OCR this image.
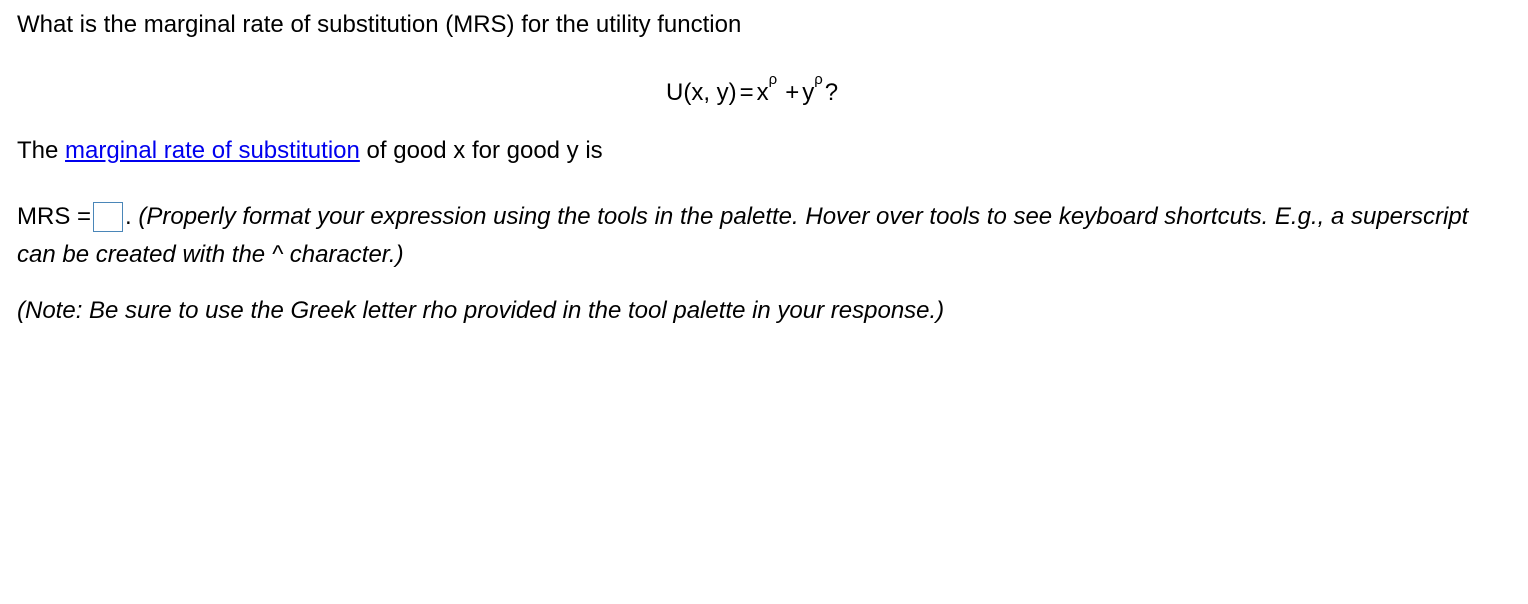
What is the marginal rate of substitution (MRS) for the utility function
U(x, $y) = x^\rho + y^\rho$?
The marginal rate of substitution of good x for good y is
MRS = . (Properly format your expression using the tools in the palette. Hover over tools to see keyboard shortcuts. E.g., a superscript can be created with the ^ character.)
(Note: Be sure to use the Greek letter rho provided in the tool palette in your response.)
